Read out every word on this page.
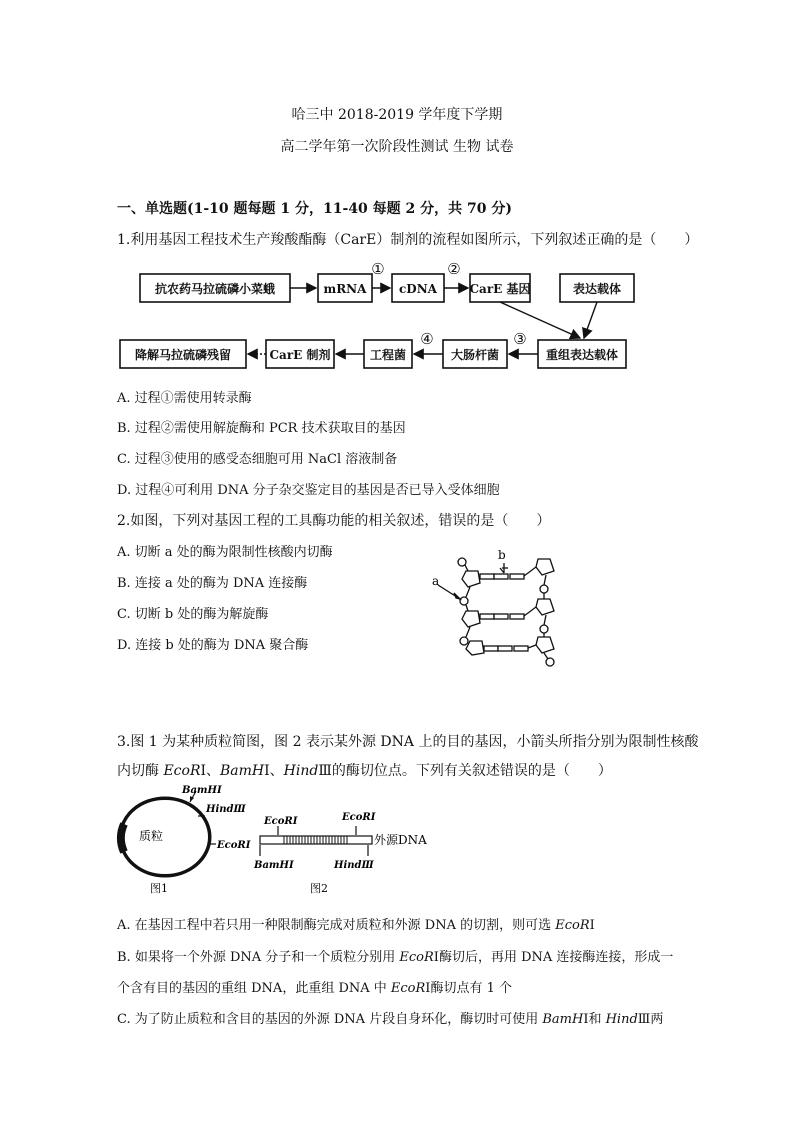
哈三中 2018-2019 学年度下学期
高二学年第一次阶段性测试 生物 试卷
一、单选题(1-10 题每题 1 分，11-40 每题 2 分，共 70 分)
1.利用基因工程技术生产羧酸酯酶（CarE）制剂的流程如图所示，下列叙述正确的是（　　）
抗农药马拉硫磷小菜蛾	mRNA	cDNA	CarE 基因	表达载体
重组表达载体
大肠杆菌
工程菌
CarE 制剂
降解马拉硫磷残留
①	②
③
④
A. 过程①需使用转录酶
B. 过程②需使用解旋酶和 PCR 技术获取目的基因
C. 过程③使用的感受态细胞可用 NaCl 溶液制备
D. 过程④可利用 DNA 分子杂交鉴定目的基因是否已导入受体细胞
2.如图，下列对基因工程的工具酶功能的相关叙述，错误的是（　　）
A. 切断 a 处的酶为限制性核酸内切酶
B. 连接 a 处的酶为 DNA 连接酶
C. 切断 b 处的酶为解旋酶
D. 连接 b 处的酶为 DNA 聚合酶
b
a
3.图 1 为某种质粒简图，图 2 表示某外源 DNA 上的目的基因，小箭头所指分别为限制性核酸
内切酶 EcoRⅠ、BamHⅠ、HindⅢ的酶切位点。下列有关叙述错误的是（　　）
质粒
BamHⅠ
HindⅢ
EcoRⅠ
图1
EcoRⅠ	EcoRⅠ
BamHⅠ	HindⅢ
外源DNA
图2
A. 在基因工程中若只用一种限制酶完成对质粒和外源 DNA 的切割，则可选 EcoRⅠ
B. 如果将一个外源 DNA 分子和一个质粒分别用 EcoRⅠ酶切后，再用 DNA 连接酶连接，形成一
个含有目的基因的重组 DNA，此重组 DNA 中 EcoRⅠ酶切点有 1 个
C. 为了防止质粒和含目的基因的外源 DNA 片段自身环化，酶切时可使用 BamHⅠ和 HindⅢ两
